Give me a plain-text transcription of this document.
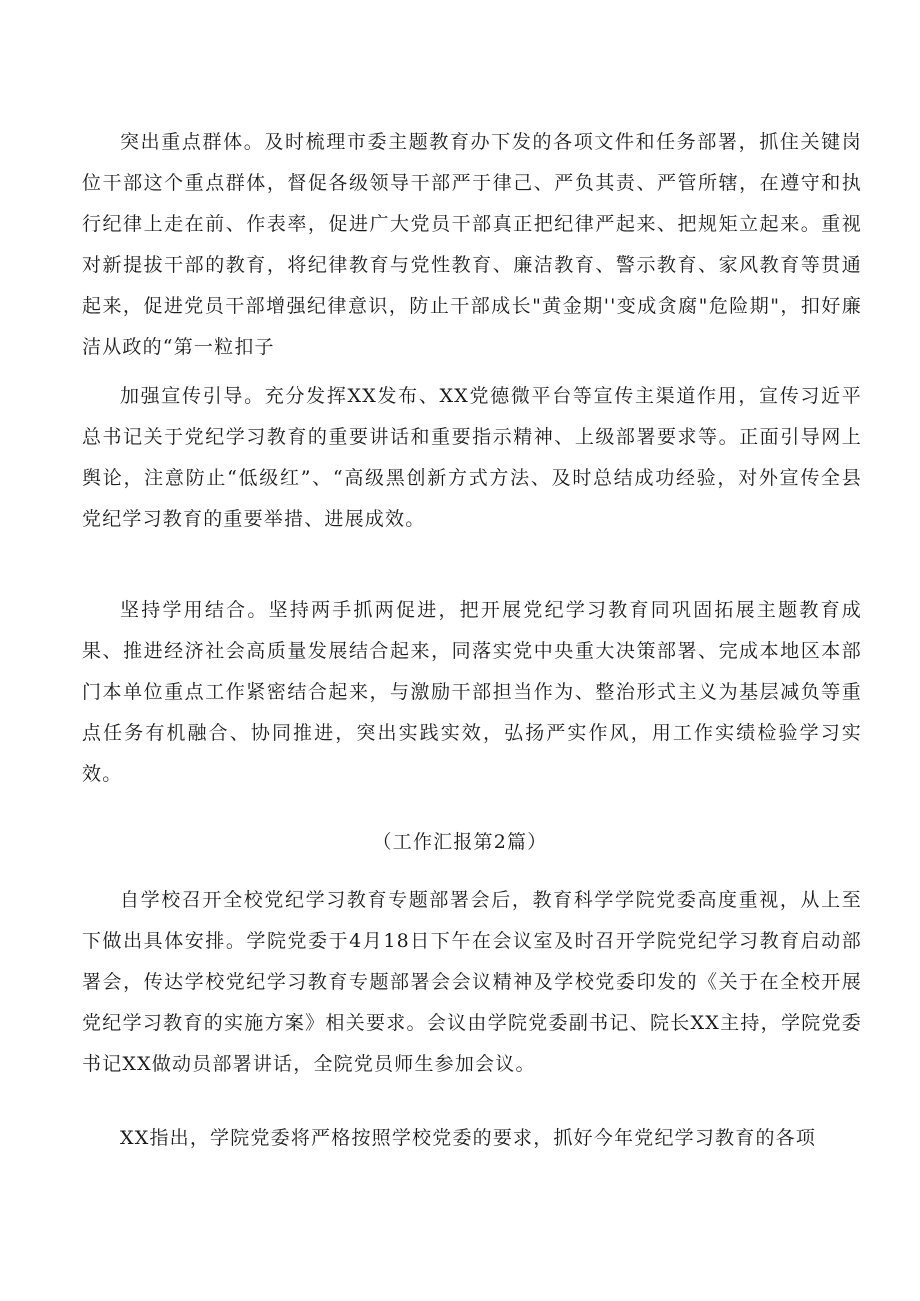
突出重点群体。及时梳理市委主题教育办下发的各项文件和任务部署，抓住关键岗位干部这个重点群体，督促各级领导干部严于律己、严负其责、严管所辖，在遵守和执行纪律上走在前、作表率，促进广大党员干部真正把纪律严起来、把规矩立起来。重视对新提拔干部的教育，将纪律教育与党性教育、廉洁教育、警示教育、家风教育等贯通起来，促进党员干部增强纪律意识，防止干部成长"黄金期''变成贪腐"危险期"，扣好廉洁从政的“第一粒扣子

加强宣传引导。充分发挥XX发布、XX党德微平台等宣传主渠道作用，宣传习近平总书记关于党纪学习教育的重要讲话和重要指示精神、上级部署要求等。正面引导网上舆论，注意防止“低级红”、“高级黑创新方式方法、及时总结成功经验，对外宣传全县党纪学习教育的重要举措、进展成效。

坚持学用结合。坚持两手抓两促进，把开展党纪学习教育同巩固拓展主题教育成果、推进经济社会高质量发展结合起来，同落实党中央重大决策部署、完成本地区本部门本单位重点工作紧密结合起来，与激励干部担当作为、整治形式主义为基层减负等重点任务有机融合、协同推进，突出实践实效，弘扬严实作风，用工作实绩检验学习实效。

（工作汇报第2篇）

自学校召开全校党纪学习教育专题部署会后，教育科学学院党委高度重视，从上至下做出具体安排。学院党委于4月18日下午在会议室及时召开学院党纪学习教育启动部署会，传达学校党纪学习教育专题部署会会议精神及学校党委印发的《关于在全校开展党纪学习教育的实施方案》相关要求。会议由学院党委副书记、院长XX主持，学院党委书记XX做动员部署讲话，全院党员师生参加会议。

XX指出，学院党委将严格按照学校党委的要求，抓好今年党纪学习教育的各项
